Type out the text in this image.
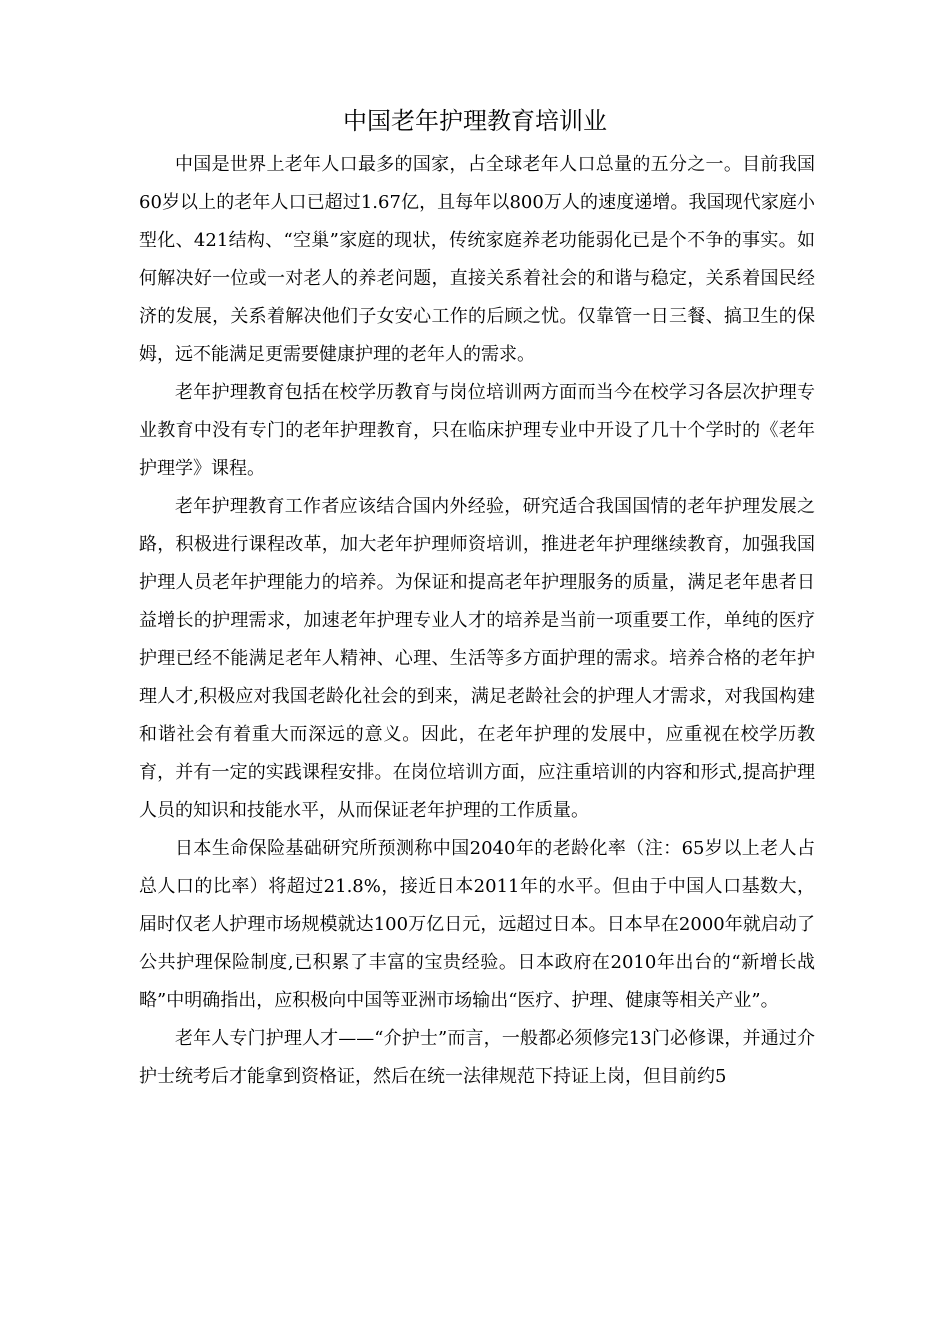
中国老年护理教育培训业

中国是世界上老年人口最多的国家，占全球老年人口总量的五分之一。目前我国60岁以上的老年人口已超过1.67亿，且每年以800万人的速度递增。我国现代家庭小型化、421结构、“空巢”家庭的现状，传统家庭养老功能弱化已是个不争的事实。如何解决好一位或一对老人的养老问题，直接关系着社会的和谐与稳定，关系着国民经济的发展，关系着解决他们子女安心工作的后顾之忧。仅靠管一日三餐、搞卫生的保姆，远不能满足更需要健康护理的老年人的需求。

老年护理教育包括在校学历教育与岗位培训两方面而当今在校学习各层次护理专业教育中没有专门的老年护理教育，只在临床护理专业中开设了几十个学时的《老年护理学》课程。

老年护理教育工作者应该结合国内外经验，研究适合我国国情的老年护理发展之路，积极进行课程改革，加大老年护理师资培训，推进老年护理继续教育，加强我国护理人员老年护理能力的培养。为保证和提高老年护理服务的质量，满足老年患者日益增长的护理需求，加速老年护理专业人才的培养是当前一项重要工作，单纯的医疗护理已经不能满足老年人精神、心理、生活等多方面护理的需求。培养合格的老年护理人才,积极应对我国老龄化社会的到来，满足老龄社会的护理人才需求，对我国构建和谐社会有着重大而深远的意义。因此，在老年护理的发展中，应重视在校学历教育，并有一定的实践课程安排。在岗位培训方面，应注重培训的内容和形式,提高护理人员的知识和技能水平，从而保证老年护理的工作质量。

日本生命保险基础研究所预测称中国2040年的老龄化率（注：65岁以上老人占总人口的比率）将超过21.8%，接近日本2011年的水平。但由于中国人口基数大，届时仅老人护理市场规模就达100万亿日元，远超过日本。日本早在2000年就启动了公共护理保险制度,已积累了丰富的宝贵经验。日本政府在2010年出台的“新增长战略”中明确指出，应积极向中国等亚洲市场输出“医疗、护理、健康等相关产业”。

老年人专门护理人才——“介护士”而言，一般都必须修完13门必修课，并通过介护士统考后才能拿到资格证，然后在统一法律规范下持证上岗，但目前约5
